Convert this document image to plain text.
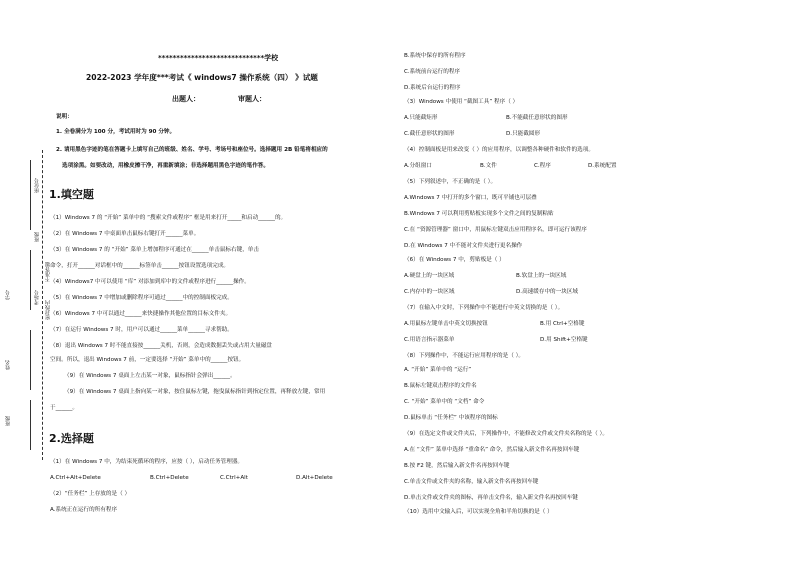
座位号
班级
学号	考场号
姓名
班级
密封线内
不准答题
*****************************学校
2022-2023 学年度***考试《 windows7 操作系统（四） 》试题
出题人：	审题人：
说明：
1. 全卷满分为 100 分，考试用时为 90 分钟。
2. 请用黑色字迹的笔在答题卡上填写自己的班级、姓名、学号、考场号和座位号。选择题用 2B 铅笔将相应的
选项涂黑。如要改动，用橡皮擦干净，再重新填涂；非选择题用黑色字迹的笔作答。
1.填空题
（1）Windows 7 的 “开始” 菜单中的 “搜索文件或程序” 框是用来打开_____和启动______的。
（2）在 Windows 7 中桌面单击鼠标右键打开______菜单。
（3）在 Windows 7 的 “开始” 菜单上增加程序可通过在______单击鼠标右键，单击
命令，打开______对话框中的______标签单击______按钮设置选项完成。
（4）Windows7 中可以使用 “库” 对添加到库中的文件或程序进行______操作。
（5）在 Windows 7 中增加或删除程序可通过______中的控制面板完成。
（6）Windows 7 中可以通过______来快捷操作其他位置的目标文件夹。
（7）在运行 Windows 7 时，用户可以通过______菜单______寻求帮助。
（8）退出 Windows 7 时不能直接按______关机，否则，会造成数据丢失或占用大量磁盘
空间。所以，退出 Windows 7 前，一定要选择 “开始” 菜单中的______按钮。
（9）在 Windows 7 桌面上左击某一对象，鼠标指针会弹出______。
（9）在 Windows 7 桌面上指向某一对象，按住鼠标左键，拖曳鼠标指针到指定位置，再释放左键，常用
于______。
2.选择题
（1）在 Windows 7 中，为结束死循环的程序，应按（ ），启动任务管理器。
A.Ctrl+Alt+Delete	B.Ctrl+Delete	C.Ctrl+Alt	D.Alt+Delete
（2）“任务栏” 上存放的是（ ）
A.系统正在运行的所有程序
B.系统中保存的所有程序
C.系统前台运行的程序
D.系统后台运行的程序
（3）Windows 中使用 “截图工具” 程序（ ）
A.只能截矩形	B.不能截任意形状的图形
C.截任意形状的图形	D.只能截圆形
（4）控制面板是用来改变（ ）的应用程序，以调整各种硬件和软件的选项。
A.分组窗口	B.文件	C.程序	D.系统配置
（5）下列叙述中，不正确的是（ ）。
A.Windows 7 中打开的多个窗口，既可平铺也可层叠
B.Windows 7 可以利用剪贴板实现多个文件之间的复制粘贴
C.在 “资源管理器” 窗口中，用鼠标左键双击应用程序名，即可运行该程序
D.在 Windows 7 中不能对文件夹进行更名操作
（6）在 Windows 7 中，剪贴板是（ ）
A.硬盘上的一块区域	B.软盘上的一块区域
C.内存中的一块区域	D.高速缓存中的一块区域
（7）在输入中文时，下列操作中不能进行中英文切换的是（ ）。
A.用鼠标左键单击中英文切换按钮	B.用 Ctrl+空格键
C.用语言指示器菜单	D.用 Shift+空格键
（8）下列操作中，不能运行应用程序的是（ ）。
A. “开始” 菜单中的 “运行”
B.鼠标左键双击程序的文件名
C. “开始” 菜单中的 “文档” 命令
D.鼠标单击 “任务栏” 中该程序的图标
（9）在选定文件或文件夹后，下列操作中，不能修改文件或文件夹名称的是（ ）。
A.在 “文件” 菜单中选择 “重命名” 命令，然后输入新文件名再按回车键
B.按 F2 键，然后输入新文件名再按回车键
C.单击文件或文件夹的名称，输入新文件名再按回车键
D.单击文件或文件夹的图标，再单击文件名，输入新文件名再按回车键
（10）选用中文输入后，可以实现全角和半角切换的是（ ）
